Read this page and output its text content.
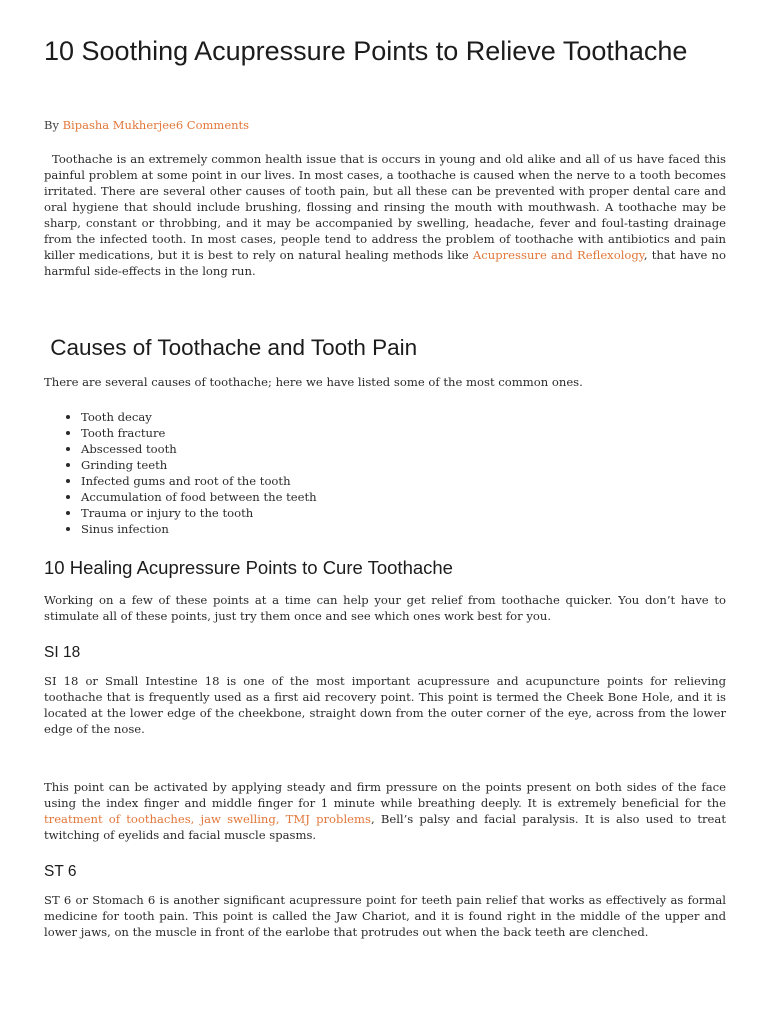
10 Soothing Acupressure Points to Relieve Toothache
By Bipasha Mukherjee6 Comments

Toothache is an extremely common health issue that is occurs in young and old alike and all of us have faced this painful problem at some point in our lives. In most cases, a toothache is caused when the nerve to a tooth becomes irritated. There are several other causes of tooth pain, but all these can be prevented with proper dental care and oral hygiene that should include brushing, flossing and rinsing the mouth with mouthwash. A toothache may be sharp, constant or throbbing, and it may be accompanied by swelling, headache, fever and foul-tasting drainage from the infected tooth. In most cases, people tend to address the problem of toothache with antibiotics and pain killer medications, but it is best to rely on natural healing methods like Acupressure and Reflexology, that have no harmful side-effects in the long run.

Causes of Toothache and Tooth Pain

There are several causes of toothache; here we have listed some of the most common ones.

Tooth decay
Tooth fracture
Abscessed tooth
Grinding teeth
Infected gums and root of the tooth
Accumulation of food between the teeth
Trauma or injury to the tooth
Sinus infection
10 Healing Acupressure Points to Cure Toothache

Working on a few of these points at a time can help your get relief from toothache quicker. You don’t have to stimulate all of these points, just try them once and see which ones work best for you.

SI 18

SI 18 or Small Intestine 18 is one of the most important acupressure and acupuncture points for relieving toothache that is frequently used as a first aid recovery point. This point is termed the Cheek Bone Hole, and it is located at the lower edge of the cheekbone, straight down from the outer corner of the eye, across from the lower edge of the nose.

This point can be activated by applying steady and firm pressure on the points present on both sides of the face using the index finger and middle finger for 1 minute while breathing deeply. It is extremely beneficial for the treatment of toothaches, jaw swelling, TMJ problems, Bell’s palsy and facial paralysis. It is also used to treat twitching of eyelids and facial muscle spasms.

ST 6

ST 6 or Stomach 6 is another significant acupressure point for teeth pain relief that works as effectively as formal medicine for tooth pain. This point is called the Jaw Chariot, and it is found right in the middle of the upper and lower jaws, on the muscle in front of the earlobe that protrudes out when the back teeth are clenched.
